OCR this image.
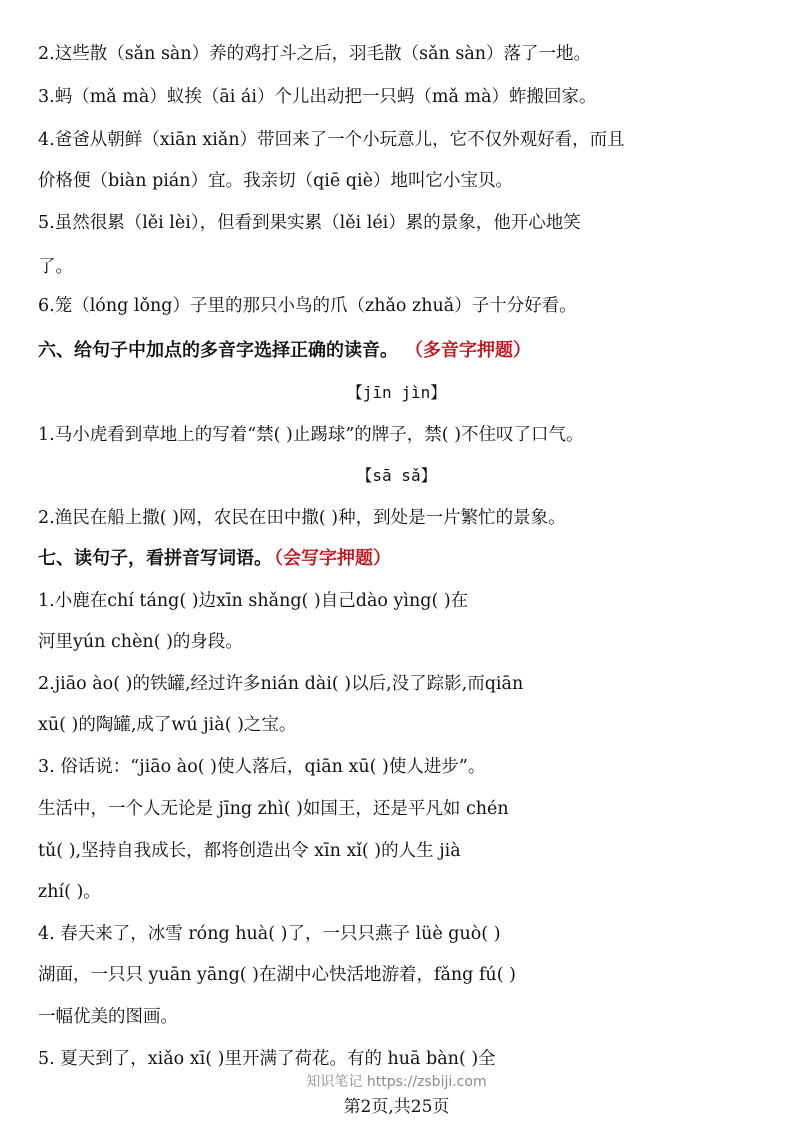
2.这些散（sǎn sàn）养的鸡打斗之后，羽毛散（sǎn sàn）落了一地。
3.蚂（mǎ mà）蚁挨（āi ái）个儿出动把一只蚂（mǎ mà）蚱搬回家。
4.爸爸从朝鲜（xiān xiǎn）带回来了一个小玩意儿，它不仅外观好看，而且
价格便（biàn pián）宜。我亲切（qiē qiè）地叫它小宝贝。
5.虽然很累（lěi lèi），但看到果实累（lěi léi）累的景象，他开心地笑
了。
6.笼（lóng lǒng）子里的那只小鸟的爪（zhǎo zhuǎ）子十分好看。
六、给句子中加点的多音字选择正确的读音。 （多音字押题）
【jīn jìn】
1.马小虎看到草地上的写着“禁( )止踢球”的牌子，禁( )不住叹了口气。
【sā sǎ】
2.渔民在船上撒( )网，农民在田中撒( )种，到处是一片繁忙的景象。
七、读句子，看拼音写词语。 （会写字押题）
1.小鹿在chí táng( )边xīn shǎng( )自己dào yìng( )在
河里yún chèn( )的身段。
2.jiāo ào( )的铁罐,经过许多nián dài( )以后,没了踪影,而qiān
xū( )的陶罐,成了wú jià( )之宝。
3. 俗话说：“jiāo ào( )使人落后，qiān xū( )使人进步”。
生活中，一个人无论是 jīng zhì( )如国王，还是平凡如 chén
tǔ( ),坚持自我成长，都将创造出令 xīn xǐ( )的人生 jià
zhí( )。
4. 春天来了，冰雪 róng huà( )了，一只只燕子 lüè guò( )
湖面，一只只 yuān yāng( )在湖中心快活地游着，fǎng fú( )
一幅优美的图画。
5. 夏天到了，xiǎo xī( )里开满了荷花。有的 huā bàn( )全
知识笔记 https://zsbiji.com
第2页,共25页
